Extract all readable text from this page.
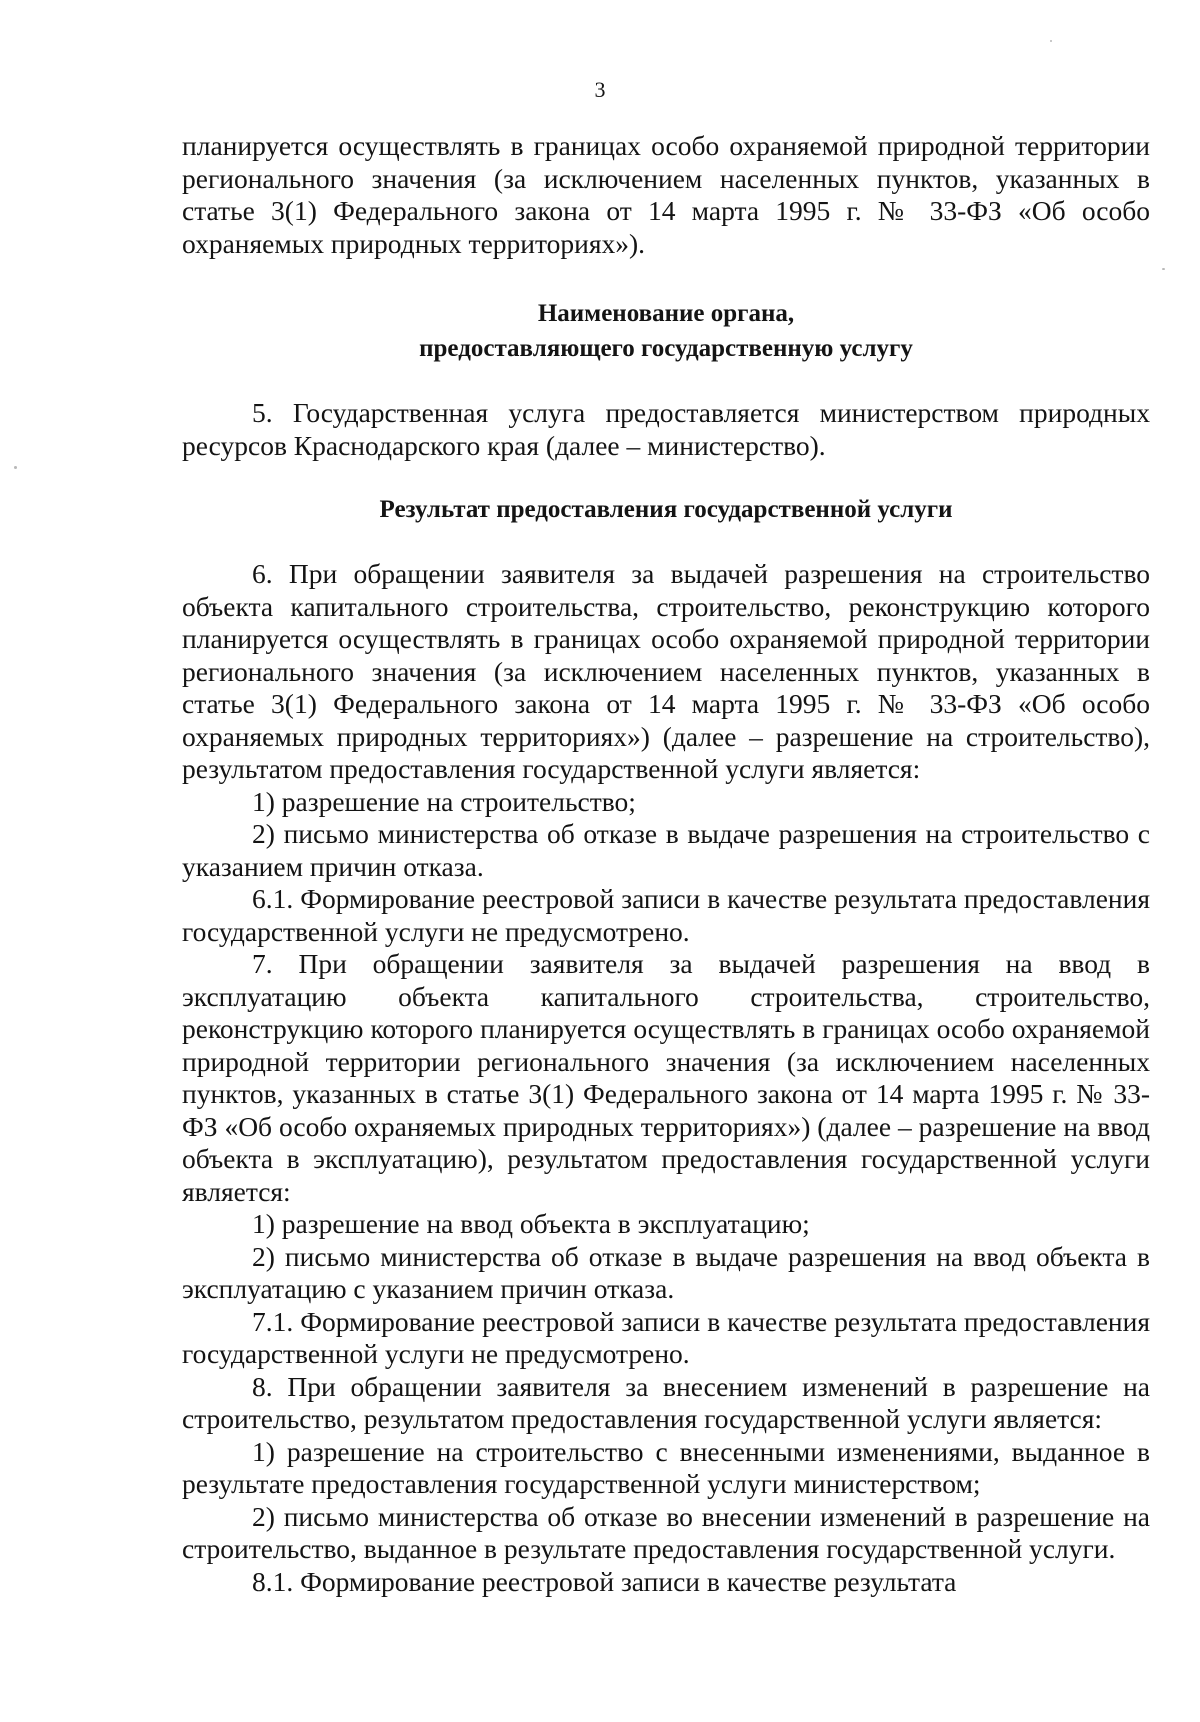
3

планируется осуществлять в границах особо охраняемой природной территории регионального значения (за исключением населенных пунктов, указанных в статье 3(1) Федерального закона от 14 марта 1995 г. № 33-ФЗ «Об особо охраняемых природных территориях»).

Наименование органа,
предоставляющего государственную услугу

5. Государственная услуга предоставляется министерством природных ресурсов Краснодарского края (далее – министерство).

Результат предоставления государственной услуги

6. При обращении заявителя за выдачей разрешения на строительство объекта капитального строительства, строительство, реконструкцию которого планируется осуществлять в границах особо охраняемой природной территории регионального значения (за исключением населенных пунктов, указанных в статье 3(1) Федерального закона от 14 марта 1995 г. № 33-ФЗ «Об особо охраняемых природных территориях») (далее – разрешение на строительство), результатом предоставления государственной услуги является:

1) разрешение на строительство;

2) письмо министерства об отказе в выдаче разрешения на строительство с указанием причин отказа.

6.1. Формирование реестровой записи в качестве результата предоставления государственной услуги не предусмотрено.

7. При обращении заявителя за выдачей разрешения на ввод в эксплуатацию объекта капитального строительства, строительство, реконструкцию которого планируется осуществлять в границах особо охраняемой природной территории регионального значения (за исключением населенных пунктов, указанных в статье 3(1) Федерального закона от 14 марта 1995 г. № 33-ФЗ «Об особо охраняемых природных территориях») (далее – разрешение на ввод объекта в эксплуатацию), результатом предоставления государственной услуги является:

1) разрешение на ввод объекта в эксплуатацию;

2) письмо министерства об отказе в выдаче разрешения на ввод объекта в эксплуатацию с указанием причин отказа.

7.1. Формирование реестровой записи в качестве результата предоставления государственной услуги не предусмотрено.

8. При обращении заявителя за внесением изменений в разрешение на строительство, результатом предоставления государственной услуги является:

1) разрешение на строительство с внесенными изменениями, выданное в результате предоставления государственной услуги министерством;

2) письмо министерства об отказе во внесении изменений в разрешение на строительство, выданное в результате предоставления государственной услуги.

8.1. Формирование реестровой записи в качестве результата
